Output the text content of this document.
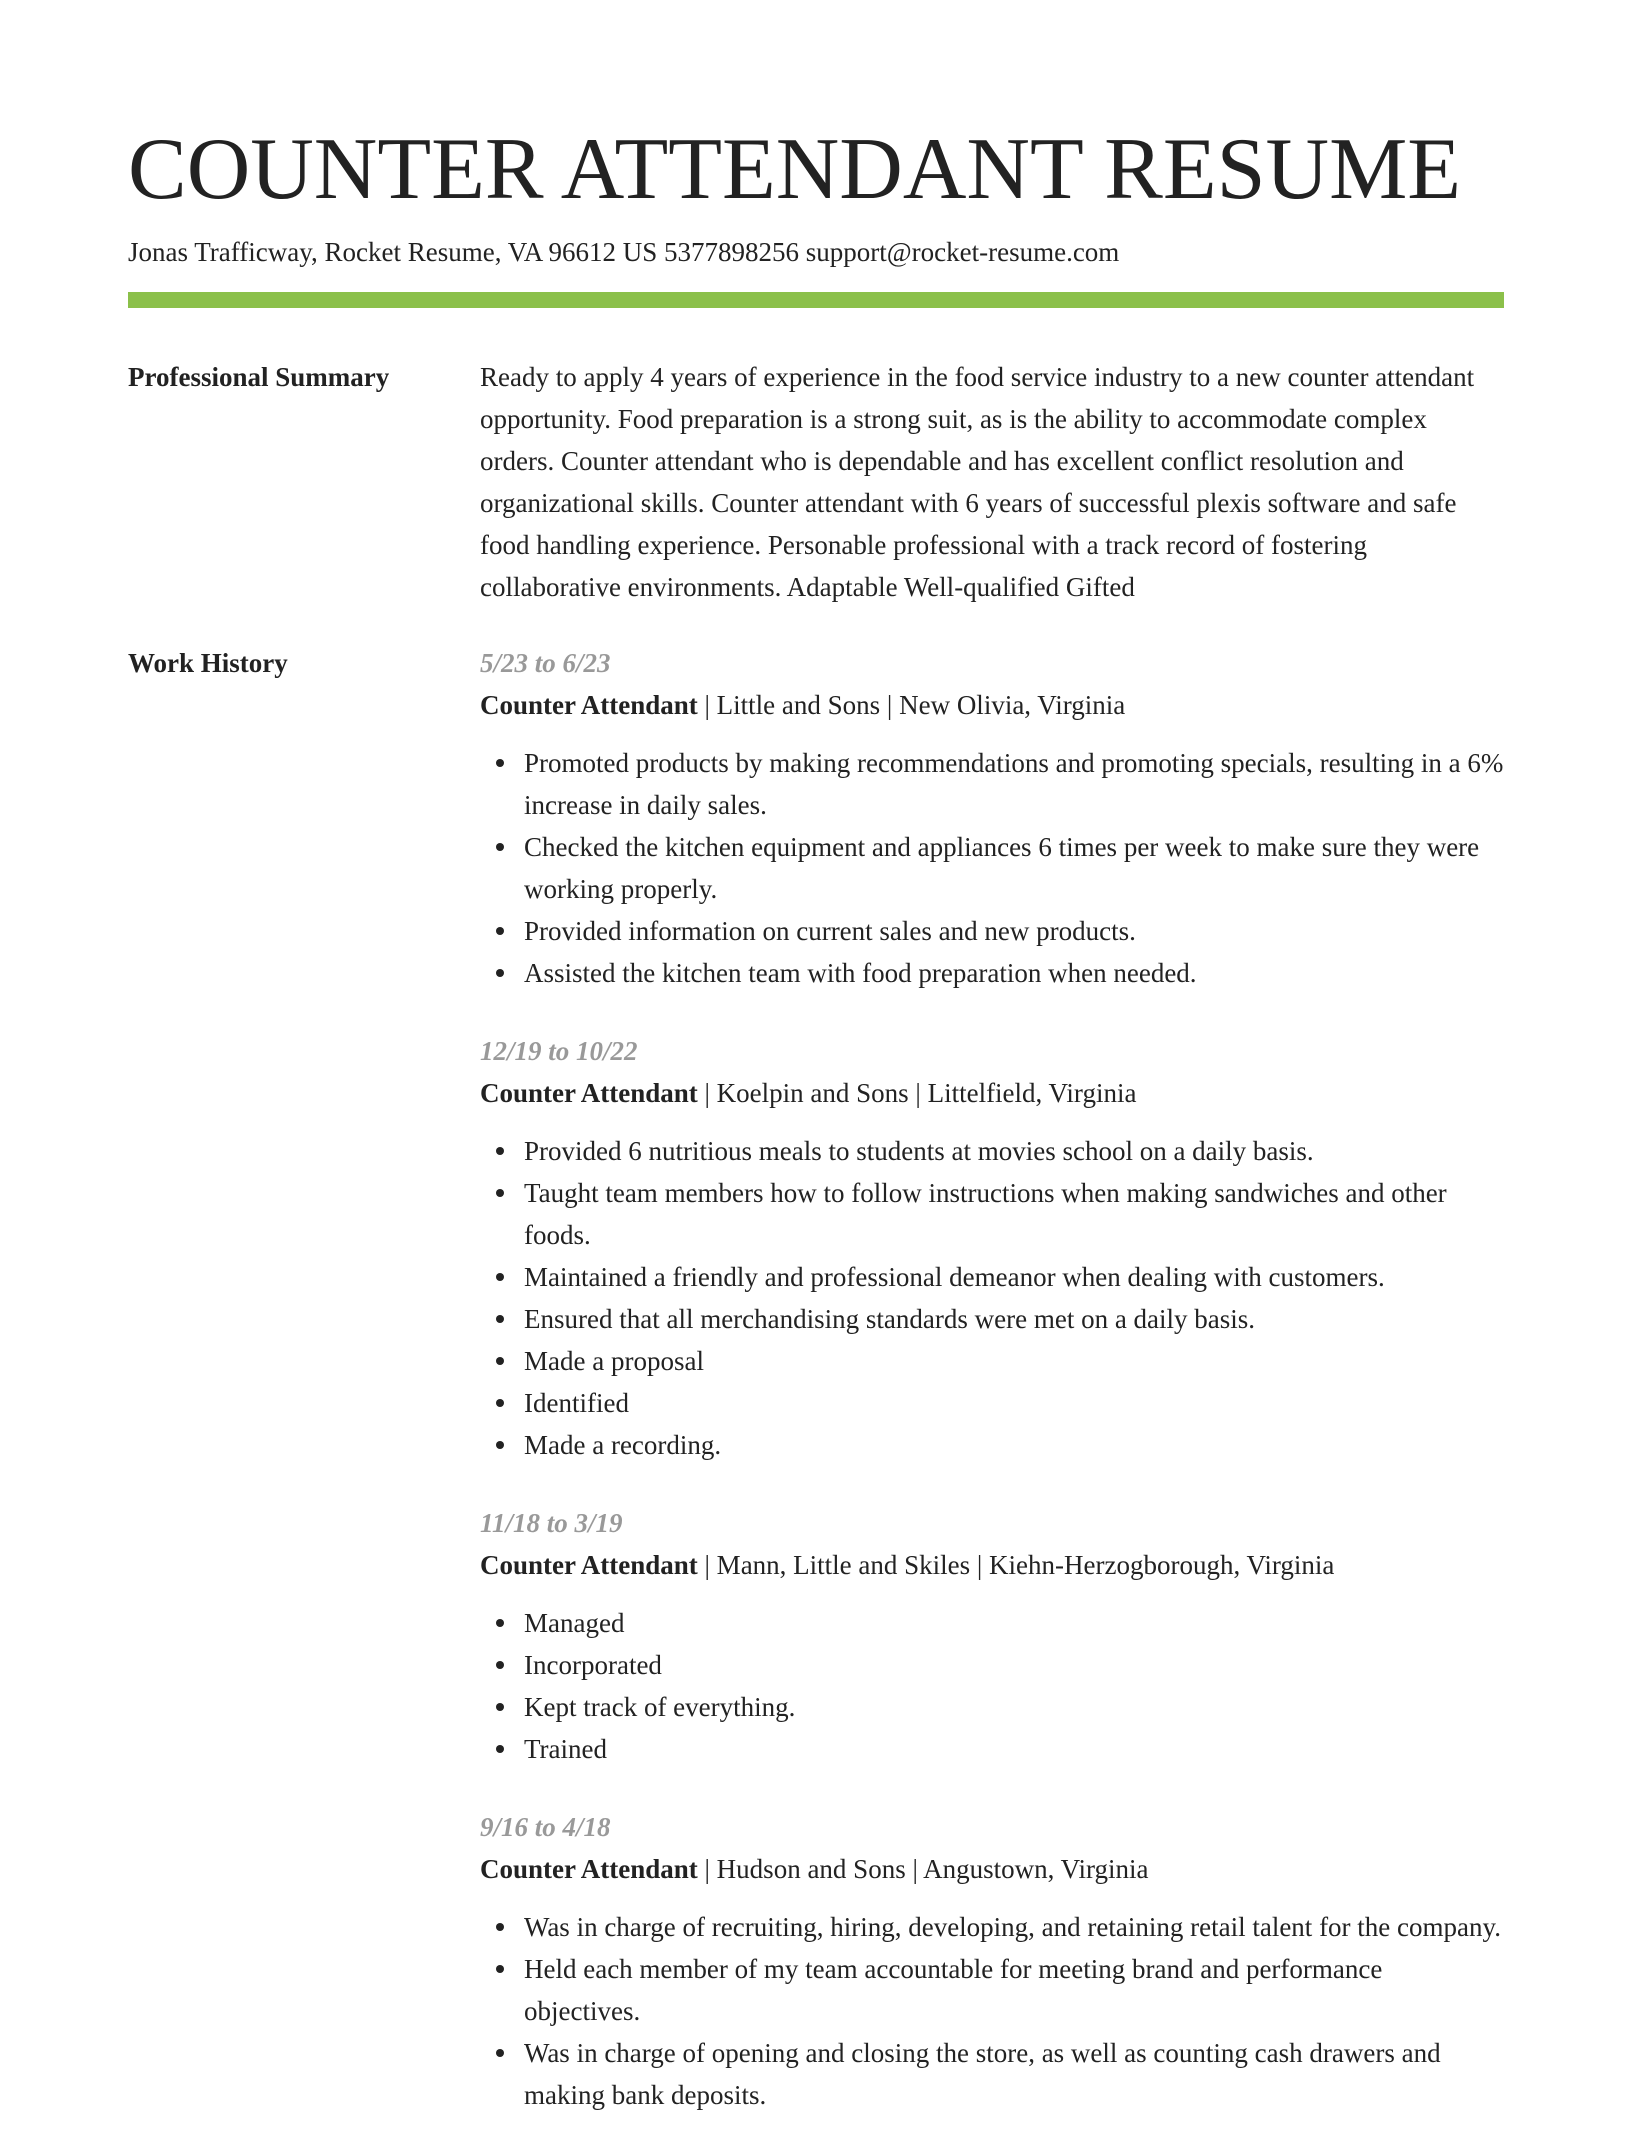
COUNTER ATTENDANT RESUME
Jonas Trafficway, Rocket Resume, VA 96612 US 5377898256 support@rocket-resume.com
Professional Summary	Ready to apply 4 years of experience in the food service industry to a new counter attendant opportunity. Food preparation is a strong suit, as is the ability to accommodate complex orders. Counter attendant who is dependable and has excellent conflict resolution and organizational skills. Counter attendant with 6 years of successful plexis software and safe food handling experience. Personable professional with a track record of fostering collaborative environments. Adaptable Well-qualified Gifted

Work History	5/23 to 6/23
Counter Attendant | Little and Sons | New Olivia, Virginia
Promoted products by making recommendations and promoting specials, resulting in a 6% increase in daily sales.
Checked the kitchen equipment and appliances 6 times per week to make sure they were working properly.
Provided information on current sales and new products.
Assisted the kitchen team with food preparation when needed.
12/19 to 10/22
Counter Attendant | Koelpin and Sons | Littelfield, Virginia
Provided 6 nutritious meals to students at movies school on a daily basis.
Taught team members how to follow instructions when making sandwiches and other foods.
Maintained a friendly and professional demeanor when dealing with customers.
Ensured that all merchandising standards were met on a daily basis.
Made a proposal
Identified
Made a recording.
11/18 to 3/19
Counter Attendant | Mann, Little and Skiles | Kiehn-Herzogborough, Virginia
Managed
Incorporated
Kept track of everything.
Trained
9/16 to 4/18
Counter Attendant | Hudson and Sons | Angustown, Virginia
Was in charge of recruiting, hiring, developing, and retaining retail talent for the company.
Held each member of my team accountable for meeting brand and performance objectives.
Was in charge of opening and closing the store, as well as counting cash drawers and making bank deposits.
